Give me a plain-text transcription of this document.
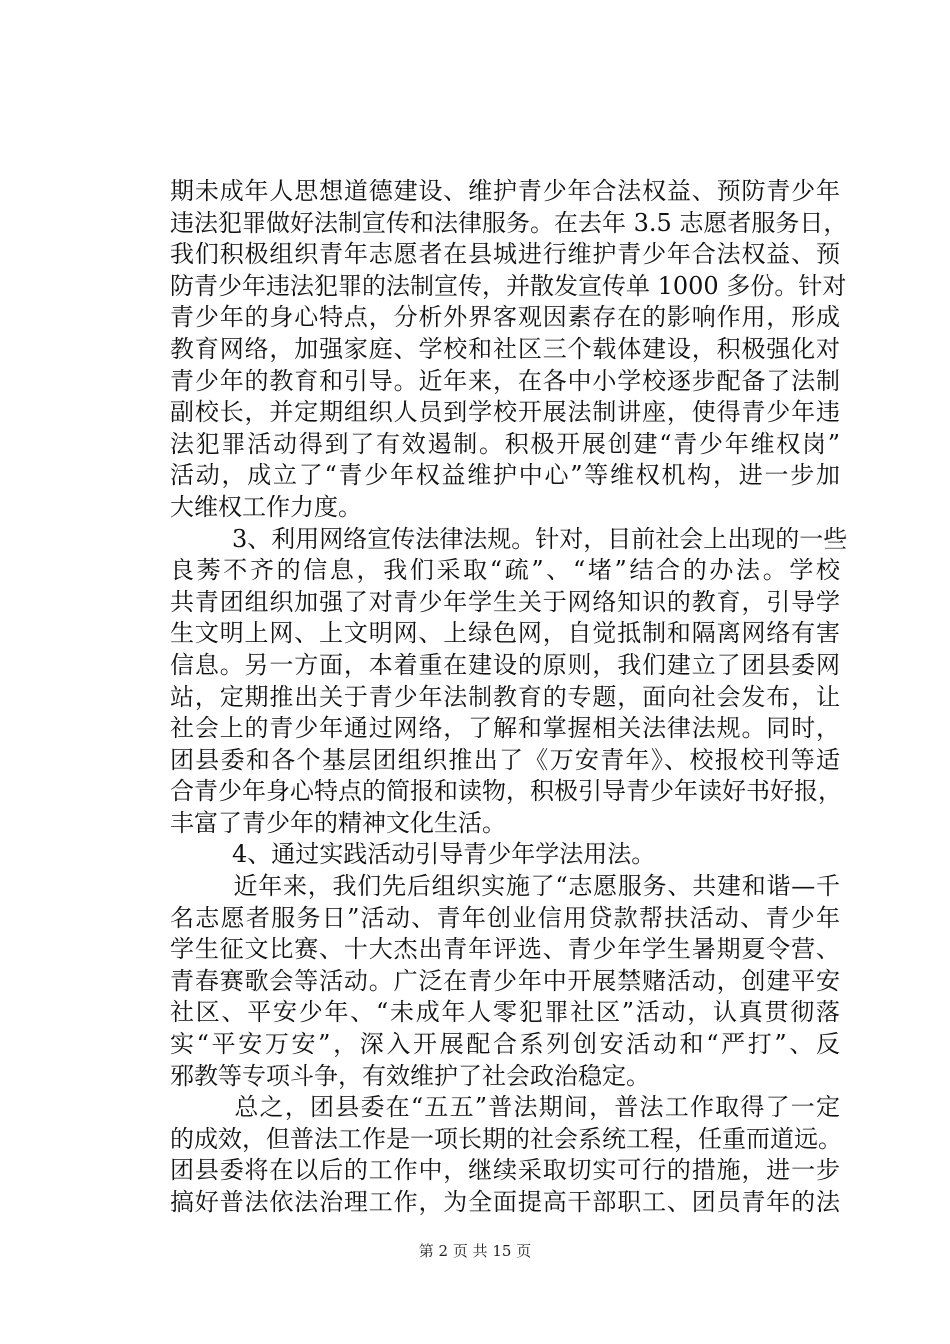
期未成年人思想道德建设、维护青少年合法权益、预防青少年
违法犯罪做好法制宣传和法律服务。在去年 3.5 志愿者服务日，
我们积极组织青年志愿者在县城进行维护青少年合法权益、预
防青少年违法犯罪的法制宣传，并散发宣传单 1000 多份。针对
青少年的身心特点，分析外界客观因素存在的影响作用，形成
教育网络，加强家庭、学校和社区三个载体建设，积极强化对
青少年的教育和引导。近年来，在各中小学校逐步配备了法制
副校长，并定期组织人员到学校开展法制讲座，使得青少年违
法犯罪活动得到了有效遏制。积极开展创建“青少年维权岗”
活动，成立了“青少年权益维护中心”等维权机构，进一步加
大维权工作力度。
　　3、利用网络宣传法律法规。针对，目前社会上出现的一些
良莠不齐的信息，我们采取“疏”、“堵”结合的办法。学校
共青团组织加强了对青少年学生关于网络知识的教育，引导学
生文明上网、上文明网、上绿色网，自觉抵制和隔离网络有害
信息。另一方面，本着重在建设的原则，我们建立了团县委网
站，定期推出关于青少年法制教育的专题，面向社会发布，让
社会上的青少年通过网络，了解和掌握相关法律法规。同时，
团县委和各个基层团组织推出了《万安青年》、校报校刊等适
合青少年身心特点的简报和读物，积极引导青少年读好书好报，
丰富了青少年的精神文化生活。
　　4、通过实践活动引导青少年学法用法。
　　近年来，我们先后组织实施了“志愿服务、共建和谐—千
名志愿者服务日”活动、青年创业信用贷款帮扶活动、青少年
学生征文比赛、十大杰出青年评选、青少年学生暑期夏令营、
青春赛歌会等活动。广泛在青少年中开展禁赌活动，创建平安
社区、平安少年、“未成年人零犯罪社区”活动，认真贯彻落
实“平安万安”，深入开展配合系列创安活动和“严打”、反
邪教等专项斗争，有效维护了社会政治稳定。
　　总之，团县委在“五五”普法期间，普法工作取得了一定
的成效，但普法工作是一项长期的社会系统工程，任重而道远。
团县委将在以后的工作中，继续采取切实可行的措施，进一步
搞好普法依法治理工作，为全面提高干部职工、团员青年的法
第 2 页 共 15 页
